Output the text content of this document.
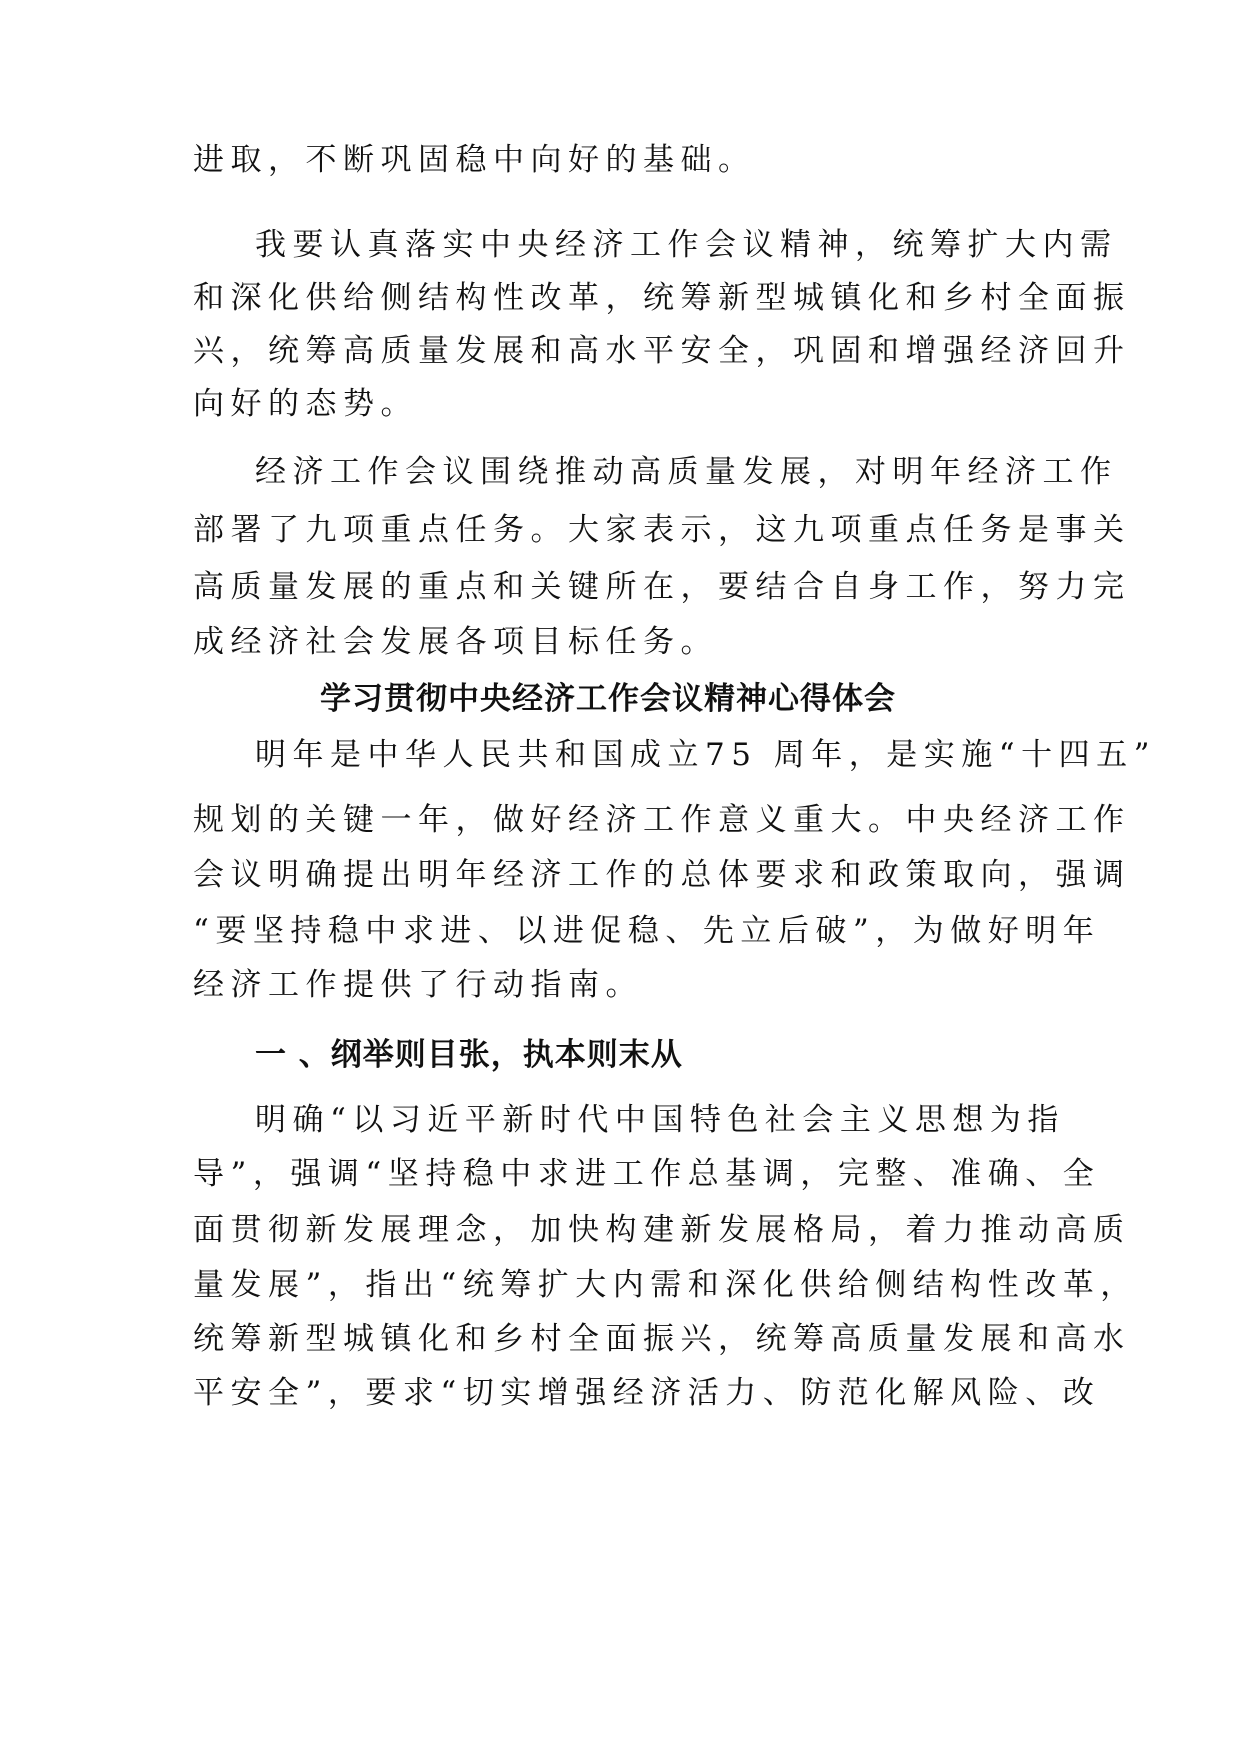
进取，不断巩固稳中向好的基础。
我要认真落实中央经济工作会议精神，统筹扩大内需
和深化供给侧结构性改革，统筹新型城镇化和乡村全面振
兴，统筹高质量发展和高水平安全，巩固和增强经济回升
向好的态势。
经济工作会议围绕推动高质量发展，对明年经济工作
部署了九项重点任务。大家表示，这九项重点任务是事关
高质量发展的重点和关键所在，要结合自身工作，努力完
成经济社会发展各项目标任务。
学习贯彻中央经济工作会议精神心得体会
明年是中华人民共和国成立75 周年，是实施“十四五”
规划的关键一年，做好经济工作意义重大。中央经济工作
会议明确提出明年经济工作的总体要求和政策取向，强调
“要坚持稳中求进、以进促稳、先立后破”，为做好明年
经济工作提供了行动指南。
一 、纲举则目张，执本则末从
明确“以习近平新时代中国特色社会主义思想为指
导”，强调“坚持稳中求进工作总基调，完整、准确、全
面贯彻新发展理念，加快构建新发展格局，着力推动高质
量发展”，指出“统筹扩大内需和深化供给侧结构性改革，
统筹新型城镇化和乡村全面振兴，统筹高质量发展和高水
平安全”，要求“切实增强经济活力、防范化解风险、改
